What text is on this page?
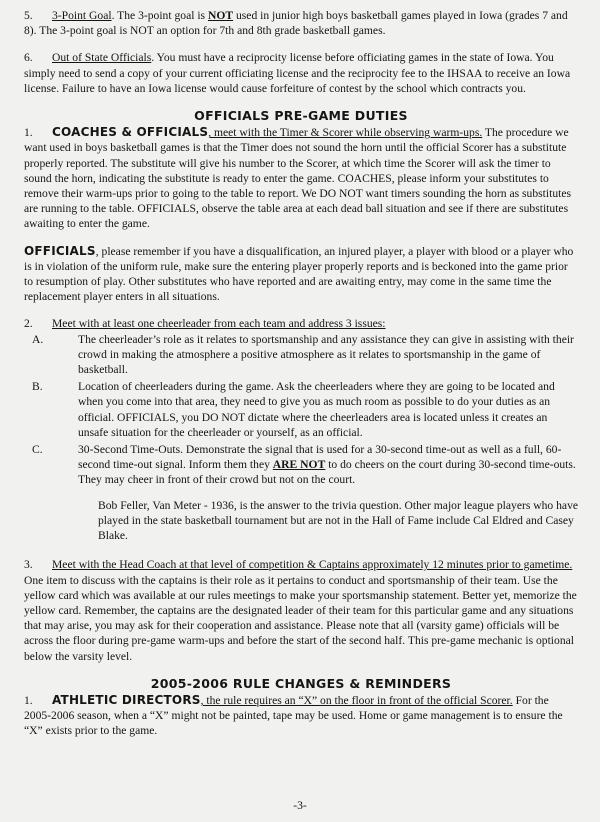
5. 3-Point Goal. The 3-point goal is NOT used in junior high boys basketball games played in Iowa (grades 7 and 8). The 3-point goal is NOT an option for 7th and 8th grade basketball games.

6. Out of State Officials. You must have a reciprocity license before officiating games in the state of Iowa. You simply need to send a copy of your current officiating license and the reciprocity fee to the IHSAA to receive an Iowa license. Failure to have an Iowa license would cause forfeiture of contest by the school which contracts you.

OFFICIALS PRE-GAME DUTIES

1. COACHES & OFFICIALS, meet with the Timer & Scorer while observing warm-ups. The procedure we want used in boys basketball games is that the Timer does not sound the horn until the official Scorer has a substitute properly reported. The substitute will give his number to the Scorer, at which time the Scorer will ask the timer to sound the horn, indicating the substitute is ready to enter the game. COACHES, please inform your substitutes to remove their warm-ups prior to going to the table to report. We DO NOT want timers sounding the horn as substitutes are running to the table. OFFICIALS, observe the table area at each dead ball situation and see if there are substitutes awaiting to enter the game.

OFFICIALS, please remember if you have a disqualification, an injured player, a player with blood or a player who is in violation of the uniform rule, make sure the entering player properly reports and is beckoned into the game prior to resumption of play. Other substitutes who have reported and are awaiting entry, may come in the same time the replacement player enters in all situations.

2. Meet with at least one cheerleader from each team and address 3 issues:

A.	The cheerleader’s role as it relates to sportsmanship and any assistance they can give in assisting with their crowd in making the atmosphere a positive atmosphere as it relates to sportsmanship in the game of basketball.
B.	Location of cheerleaders during the game. Ask the cheerleaders where they are going to be located and when you come into that area, they need to give you as much room as possible to do your duties as an official. OFFICIALS, you DO NOT dictate where the cheerleaders area is located unless it creates an unsafe situation for the cheerleader or yourself, as an official.
C.	30-Second Time-Outs. Demonstrate the signal that is used for a 30-second time-out as well as a full, 60-second time-out signal. Inform them they ARE NOT to do cheers on the court during 30-second time-outs. They may cheer in front of their crowd but not on the court.

Bob Feller, Van Meter - 1936, is the answer to the trivia question. Other major league players who have played in the state basketball tournament but are not in the Hall of Fame include Cal Eldred and Casey Blake.

3. Meet with the Head Coach at that level of competition & Captains approximately 12 minutes prior to gametime. One item to discuss with the captains is their role as it pertains to conduct and sportsmanship of their team. Use the yellow card which was available at our rules meetings to make your sportsmanship statement. Better yet, memorize the yellow card. Remember, the captains are the designated leader of their team for this particular game and any situations that may arise, you may ask for their cooperation and assistance. Please note that all (varsity game) officials will be across the floor during pre-game warm-ups and before the start of the second half. This pre-game mechanic is optional below the varsity level.

2005-2006 RULE CHANGES & REMINDERS

1. ATHLETIC DIRECTORS, the rule requires an “X” on the floor in front of the official Scorer. For the 2005-2006 season, when a “X” might not be painted, tape may be used. Home or game management is to ensure the “X” exists prior to the game.

-3-
